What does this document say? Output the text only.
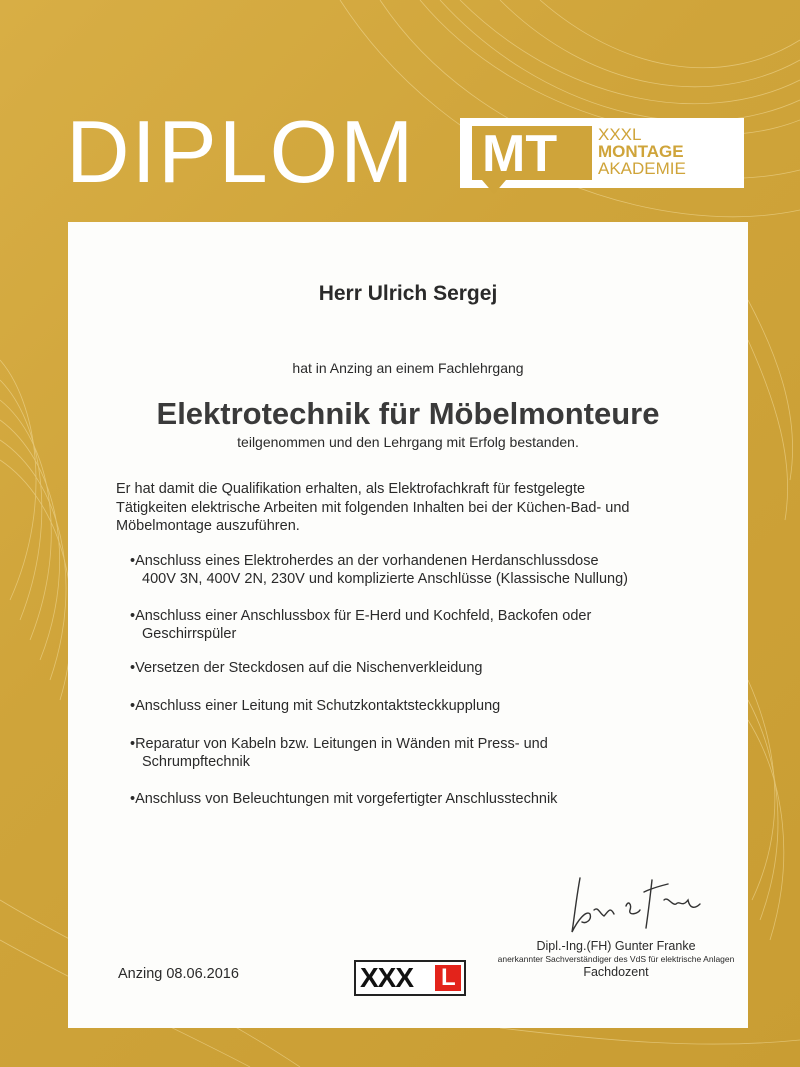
DIPLOM MT XXXL
MONTAGE
AKADEMIE
Herr Ulrich Sergej
hat in Anzing an einem Fachlehrgang
Elektrotechnik für Möbelmonteure
teilgenommen und den Lehrgang mit Erfolg bestanden.
Er hat damit die Qualifikation erhalten, als Elektrofachkraft für festgelegte
Tätigkeiten elektrische Arbeiten mit folgenden Inhalten bei der Küchen-Bad- und
Möbelmontage auszuführen.
•Anschluss eines Elektroherdes an der vorhandenen Herdanschlussdose
400V 3N, 400V 2N, 230V und komplizierte Anschlüsse (Klassische Nullung)
•Anschluss einer Anschlussbox für E-Herd und Kochfeld, Backofen oder
Geschirrspüler
•Versetzen der Steckdosen auf die Nischenverkleidung
•Anschluss einer Leitung mit Schutzkontaktsteckkupplung
•Reparatur von Kabeln bzw. Leitungen in Wänden mit Press- und
Schrumpftechnik
•Anschluss von Beleuchtungen mit vorgefertigter Anschlusstechnik
Dipl.-Ing.(FH) Gunter Franke
anerkannter Sachverständiger des VdS für elektrische Anlagen
Fachdozent
Anzing 08.06.2016	XXX L
